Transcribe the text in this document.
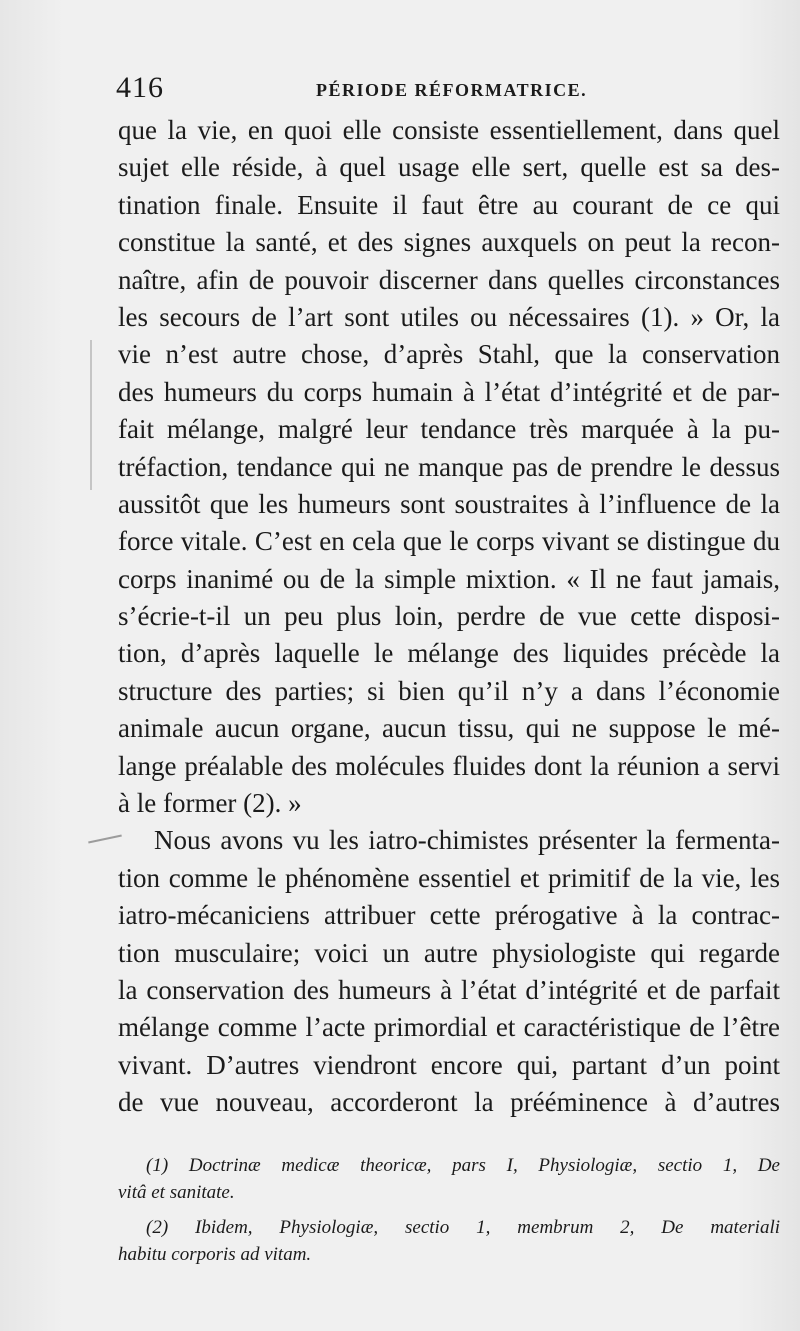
416	PÉRIODE RÉFORMATRICE.
que la vie, en quoi elle consiste essentiellement, dans quel
sujet elle réside, à quel usage elle sert, quelle est sa des-
tination finale. Ensuite il faut être au courant de ce qui
constitue la santé, et des signes auxquels on peut la recon-
naître, afin de pouvoir discerner dans quelles circonstances
les secours de l’art sont utiles ou nécessaires (1). » Or, la
vie n’est autre chose, d’après Stahl, que la conservation
des humeurs du corps humain à l’état d’intégrité et de par-
fait mélange, malgré leur tendance très marquée à la pu-
tréfaction, tendance qui ne manque pas de prendre le dessus
aussitôt que les humeurs sont soustraites à l’influence de la
force vitale. C’est en cela que le corps vivant se distingue du
corps inanimé ou de la simple mixtion. « Il ne faut jamais,
s’écrie-t-il un peu plus loin, perdre de vue cette disposi-
tion, d’après laquelle le mélange des liquides précède la
structure des parties; si bien qu’il n’y a dans l’économie
animale aucun organe, aucun tissu, qui ne suppose le mé-
lange préalable des molécules fluides dont la réunion a servi
à le former (2). »
Nous avons vu les iatro-chimistes présenter la fermenta-
tion comme le phénomène essentiel et primitif de la vie, les
iatro-mécaniciens attribuer cette prérogative à la contrac-
tion musculaire; voici un autre physiologiste qui regarde
la conservation des humeurs à l’état d’intégrité et de parfait
mélange comme l’acte primordial et caractéristique de l’être
vivant. D’autres viendront encore qui, partant d’un point
de vue nouveau, accorderont la prééminence à d’autres
(1) Doctrinæ medicæ theoricæ, pars I, Physiologiæ, sectio 1, De
vitâ et sanitate.
(2) Ibidem, Physiologiæ, sectio 1, membrum 2, De materiali
habitu corporis ad vitam.
